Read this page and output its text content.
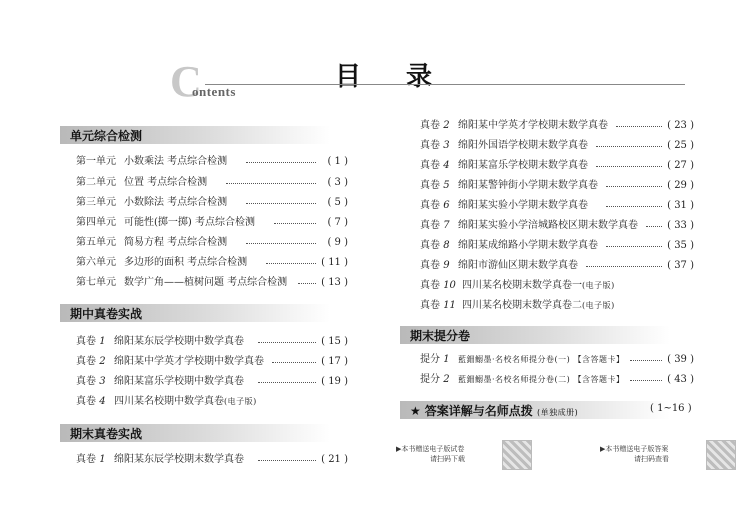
C
ontents	目 录
单元综合检测
第一单元 小数乘法 考点综合检测	( 1 )
第二单元 位置 考点综合检测	( 3 )
第三单元 小数除法 考点综合检测	( 5 )
第四单元 可能性(掷一掷) 考点综合检测	( 7 )
第五单元 简易方程 考点综合检测	( 9 )
第六单元 多边形的面积 考点综合检测	( 11 )
第七单元 数学广角——植树问题 考点综合检测	( 13 )
期中真卷实战
真卷 1 绵阳某东辰学校期中数学真卷	( 15 )
真卷 2 绵阳某中学英才学校期中数学真卷	( 17 )
真卷 3 绵阳某富乐学校期中数学真卷	( 19 )
真卷 4 四川某名校期中数学真卷(电子版)
期末真卷实战
真卷 1 绵阳某东辰学校期末数学真卷	( 21 )
真卷 2 绵阳某中学英才学校期末数学真卷	( 23 )
真卷 3 绵阳外国语学校期末数学真卷	( 25 )
真卷 4 绵阳某富乐学校期末数学真卷	( 27 )
真卷 5 绵阳某警钟街小学期末数学真卷	( 29 )
真卷 6 绵阳某实验小学期末数学真卷	( 31 )
真卷 7 绵阳某实验小学涪城路校区期末数学真卷	( 33 )
真卷 8 绵阳某成绵路小学期末数学真卷	( 35 )
真卷 9 绵阳市游仙区期末数学真卷	( 37 )
真卷 10 四川某名校期末数学真卷一(电子版)
真卷 11 四川某名校期末数学真卷二(电子版)
期末提分卷
提分 1 藍鈿鰯墨·名校名师提分卷(一) 【含答题卡】	( 39 )
提分 2 藍鈿鰯墨·名校名师提分卷(二) 【含答题卡】	( 43 )
★ 答案详解与名师点拨 (单独成册)	( 1~16 )
▶本书赠送电子版试卷
请扫码下载
▶本书赠送电子版答案
请扫码查看
